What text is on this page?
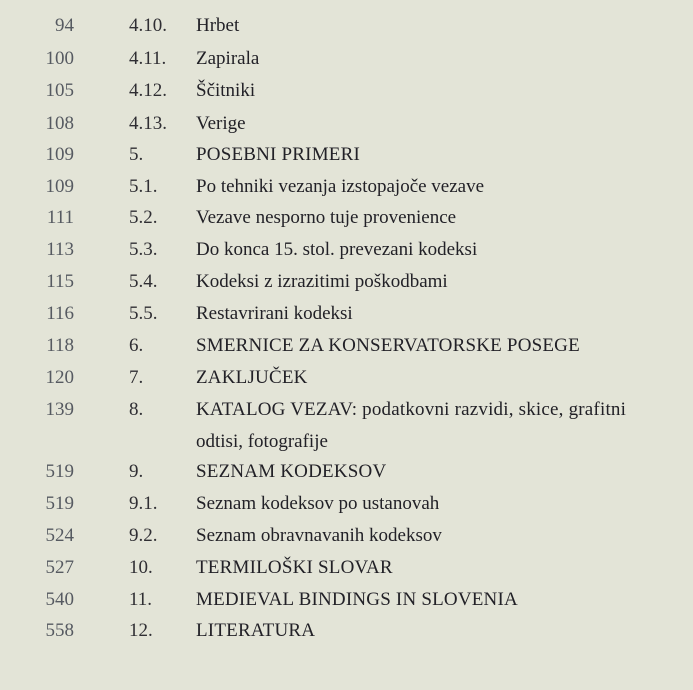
94	4.10.	Hrbet
100	4.11.	Zapirala
105	4.12.	Ščitniki
108	4.13.	Verige
109	5.	POSEBNI PRIMERI
109	5.1.	Po tehniki vezanja izstopajoče vezave
111	5.2.	Vezave nesporno tuje provenience
113	5.3.	Do konca 15. stol. prevezani kodeksi
115	5.4.	Kodeksi z izrazitimi poškodbami
116	5.5.	Restavrirani kodeksi
118	6.	SMERNICE ZA KONSERVATORSKE POSEGE
120	7.	ZAKLJUČEK
139	8.	KATALOG VEZAV: podatkovni razvidi, skice, grafitni
odtisi, fotografije
519	9.	SEZNAM KODEKSOV
519	9.1.	Seznam kodeksov po ustanovah
524	9.2.	Seznam obravnavanih kodeksov
527	10.	TERMILOŠKI SLOVAR
540	11.	MEDIEVAL BINDINGS IN SLOVENIA
558	12.	LITERATURA
